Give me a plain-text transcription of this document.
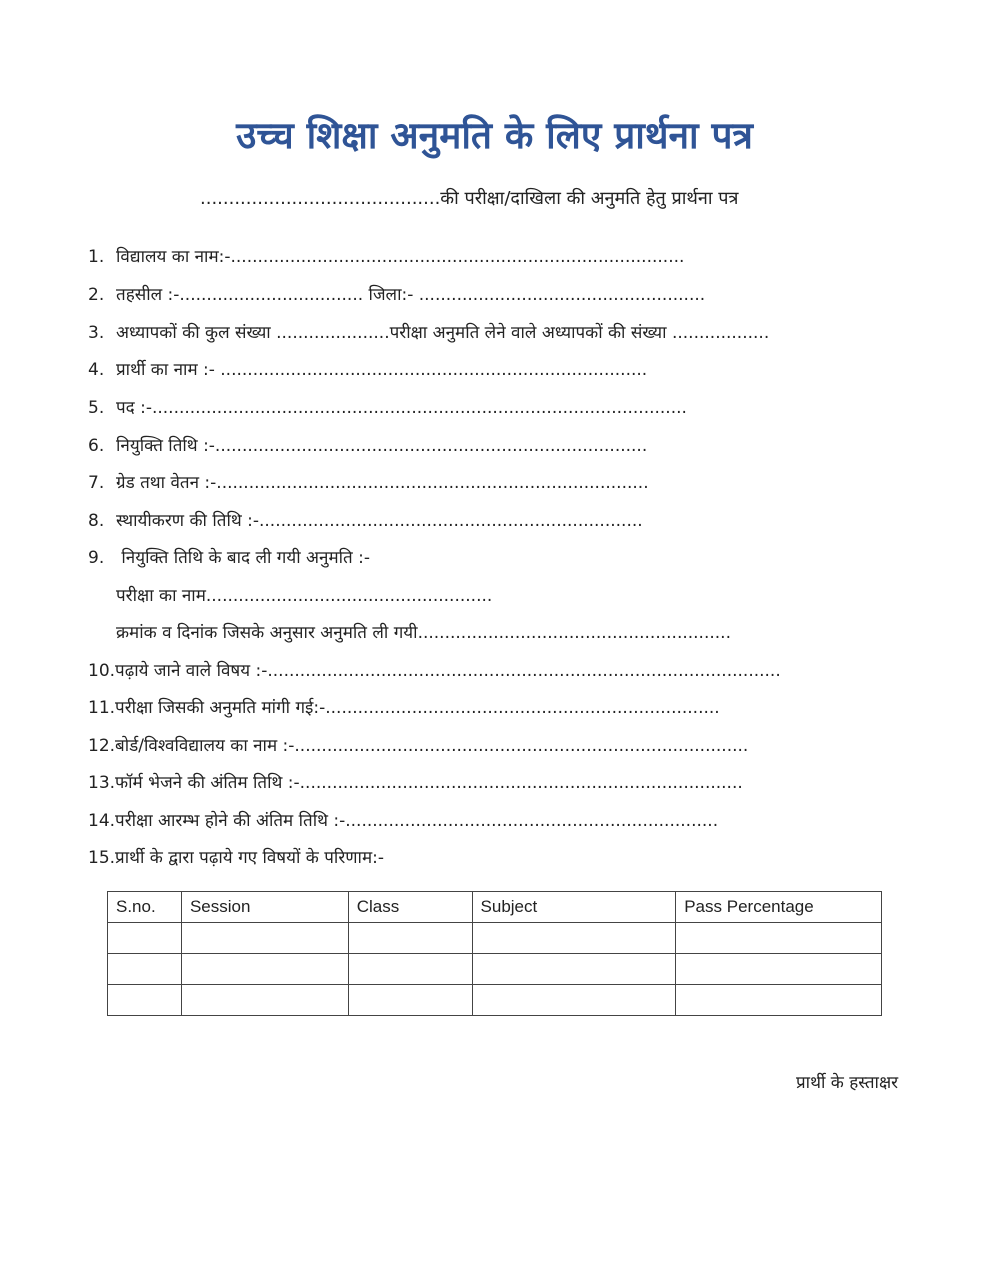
उच्च शिक्षा अनुमति के लिए प्रार्थना पत्र
..........................................की परीक्षा/दाखिला की अनुमति हेतु प्रार्थना पत्र
1. विद्यालय का नाम:-....................................................................................
2. तहसील :-.................................. जिला:- .....................................................
3. अध्यापकों की कुल संख्या .....................परीक्षा अनुमति लेने वाले अध्यापकों की संख्या ..................
4. प्रार्थी का नाम :- ...............................................................................
5. पद :-...................................................................................................
6. नियुक्ति तिथि :-................................................................................
7. ग्रेड तथा वेतन :-................................................................................
8. स्थायीकरण की तिथि :-.......................................................................
9. नियुक्ति तिथि के बाद ली गयी अनुमति :-
परीक्षा का नाम.....................................................
क्रमांक व दिनांक जिसके अनुसार अनुमति ली गयी..........................................................
10.पढ़ाये जाने वाले विषय :-...............................................................................................
11.परीक्षा जिसकी अनुमति मांगी गई:-.........................................................................
12.बोर्ड/विश्वविद्यालय का नाम :-....................................................................................
13.फॉर्म भेजने की अंतिम तिथि :-..................................................................................
14.परीक्षा आरम्भ होने की अंतिम तिथि :-.....................................................................
15.प्रार्थी के द्वारा पढ़ाये गए विषयों के परिणाम:-
S.no.	Session	Class	Subject	Pass Percentage

प्रार्थी के हस्ताक्षर
